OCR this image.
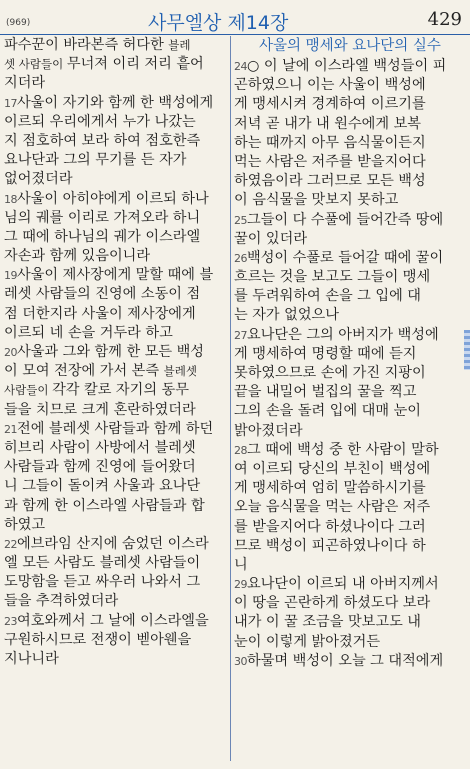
(969)	사무엘상 제14장	429
파수꾼이 바라본즉 허다한 블레
셋 사람들이 무너져 이리 저리 흩어
지더라
17사울이 자기와 함께 한 백성에게
이르되 우리에게서 누가 나갔는
지 점호하여 보라 하여 점호한즉
요나단과 그의 무기를 든 자가
없어졌더라
18사울이 아히야에게 이르되 하나
님의 궤를 이리로 가져오라 하니
그 때에 하나님의 궤가 이스라엘
자손과 함께 있음이니라
19사울이 제사장에게 말할 때에 블
레셋 사람들의 진영에 소동이 점
점 더한지라 사울이 제사장에게
이르되 네 손을 거두라 하고
20사울과 그와 함께 한 모든 백성
이 모여 전장에 가서 본즉 블레셋
사람들이 각각 칼로 자기의 동무
들을 치므로 크게 혼란하였더라
21전에 블레셋 사람들과 함께 하던
히브리 사람이 사방에서 블레셋
사람들과 함께 진영에 들어왔더
니 그들이 돌이켜 사울과 요나단
과 함께 한 이스라엘 사람들과 합
하였고
22에브라임 산지에 숨었던 이스라
엘 모든 사람도 블레셋 사람들이
도망함을 듣고 싸우러 나와서 그
들을 추격하였더라
23여호와께서 그 날에 이스라엘을
구원하시므로 전쟁이 벧아웬을
지나니라
사울의 맹세와 요나단의 실수
24○ 이 날에 이스라엘 백성들이 피
곤하였으니 이는 사울이 백성에
게 맹세시켜 경계하여 이르기를
저녁 곧 내가 내 원수에게 보복
하는 때까지 아무 음식물이든지
먹는 사람은 저주를 받을지어다
하였음이라 그러므로 모든 백성
이 음식물을 맛보지 못하고
25그들이 다 수풀에 들어간즉 땅에
꿀이 있더라
26백성이 수풀로 들어갈 때에 꿀이
흐르는 것을 보고도 그들이 맹세
를 두려워하여 손을 그 입에 대
는 자가 없었으나
27요나단은 그의 아버지가 백성에
게 맹세하여 명령할 때에 듣지
못하였으므로 손에 가진 지팡이
끝을 내밀어 벌집의 꿀을 찍고
그의 손을 돌려 입에 대매 눈이
밝아졌더라
28그 때에 백성 중 한 사람이 말하
여 이르되 당신의 부친이 백성에
게 맹세하여 엄히 말씀하시기를
오늘 음식물을 먹는 사람은 저주
를 받을지어다 하셨나이다 그러
므로 백성이 피곤하였나이다 하
니
29요나단이 이르되 내 아버지께서
이 땅을 곤란하게 하셨도다 보라
내가 이 꿀 조금을 맛보고도 내
눈이 이렇게 밝아졌거든
30하물며 백성이 오늘 그 대적에게
